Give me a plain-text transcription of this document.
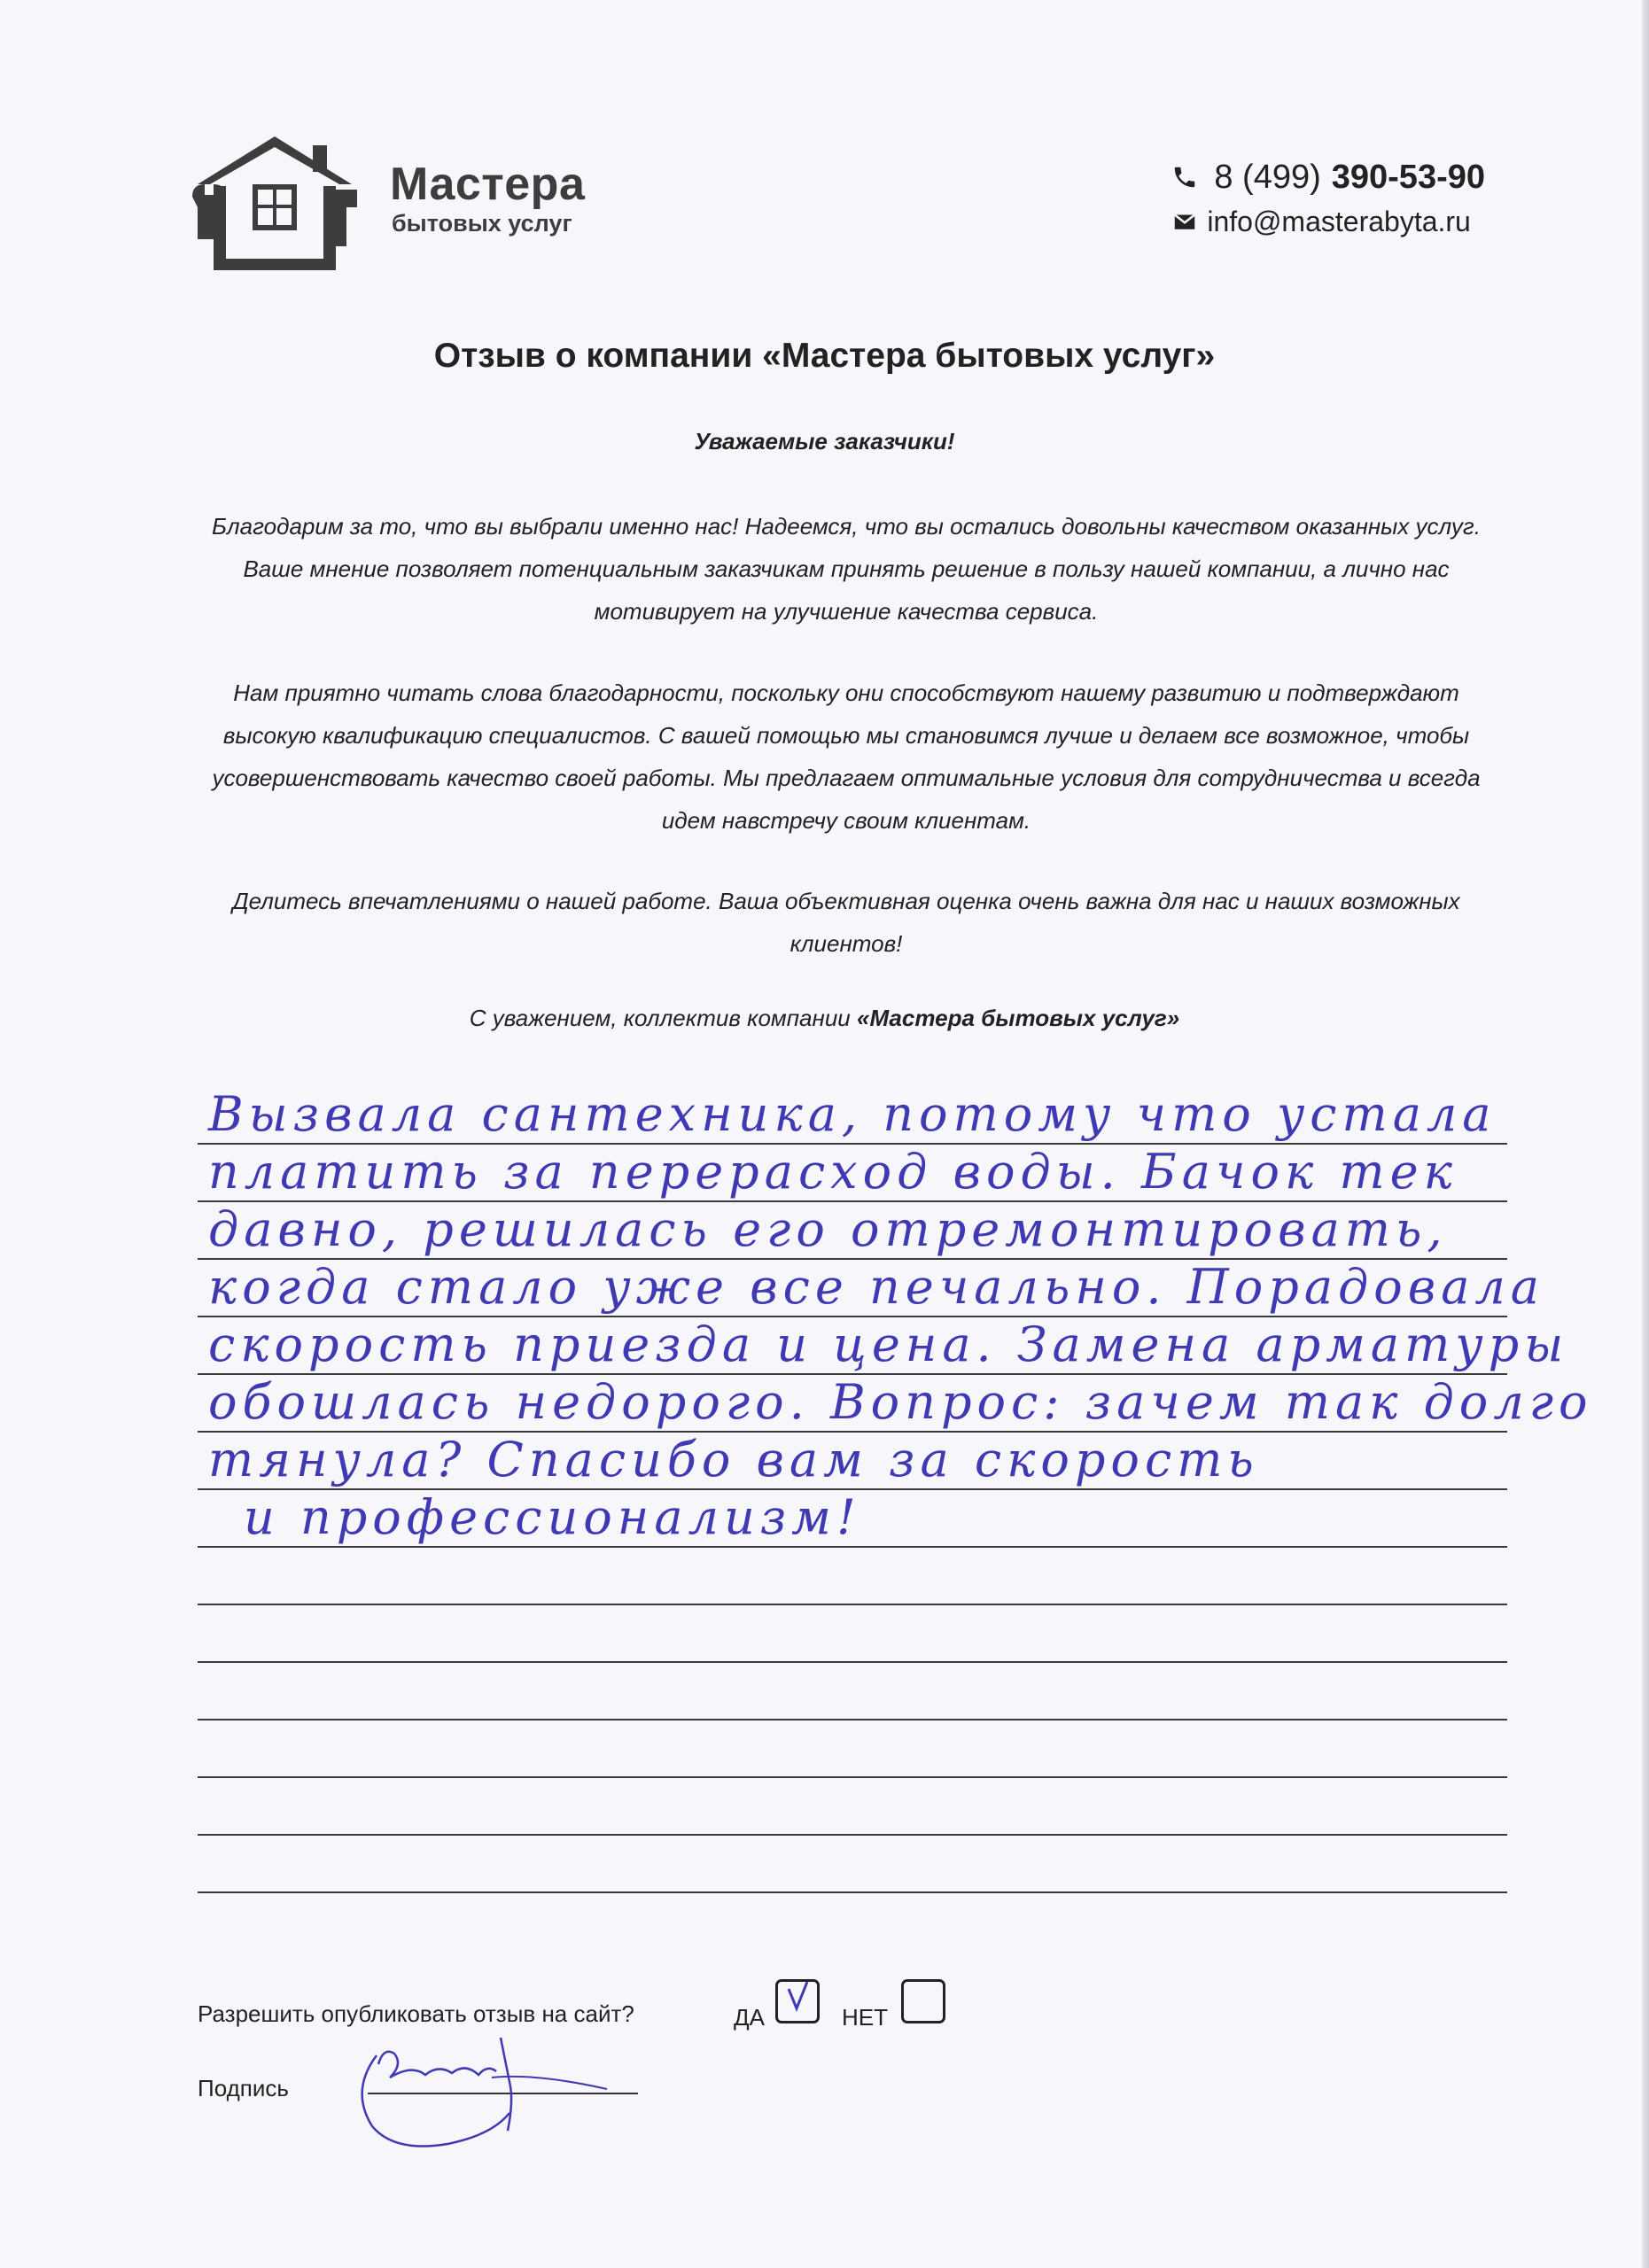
Мастера
бытовых услуг
8 (499) 390-53-90
info@masterabyta.ru
Отзыв о компании «Мастера бытовых услуг»
Уважаемые заказчики!
Благодарим за то, что вы выбрали именно нас! Надеемся, что вы остались довольны качеством оказанных услуг. Ваше мнение позволяет потенциальным заказчикам принять решение в пользу нашей компании, а лично нас мотивирует на улучшение качества сервиса.
Нам приятно читать слова благодарности, поскольку они способствуют нашему развитию и подтверждают высокую квалификацию специалистов. С вашей помощью мы становимся лучше и делаем все возможное, чтобы усовершенствовать качество своей работы. Мы предлагаем оптимальные условия для сотрудничества и всегда идем навстречу своим клиентам.
Делитесь впечатлениями о нашей работе. Ваша объективная оценка очень важна для нас и наших возможных клиентов!
С уважением, коллектив компании «Мастера бытовых услуг»
Вызвала сантехника, потому что устала
платить за перерасход воды. Бачок тек
давно, решилась его отремонтировать,
когда стало уже все печально. Порадовала
скорость приезда и цена. Замена арматуры
обошлась недорого. Вопрос: зачем так долго
тянула? Спасибо вам за скорость
и профессионализм!
Разрешить опубликовать отзыв на сайт?	ДА	НЕТ
Подпись
